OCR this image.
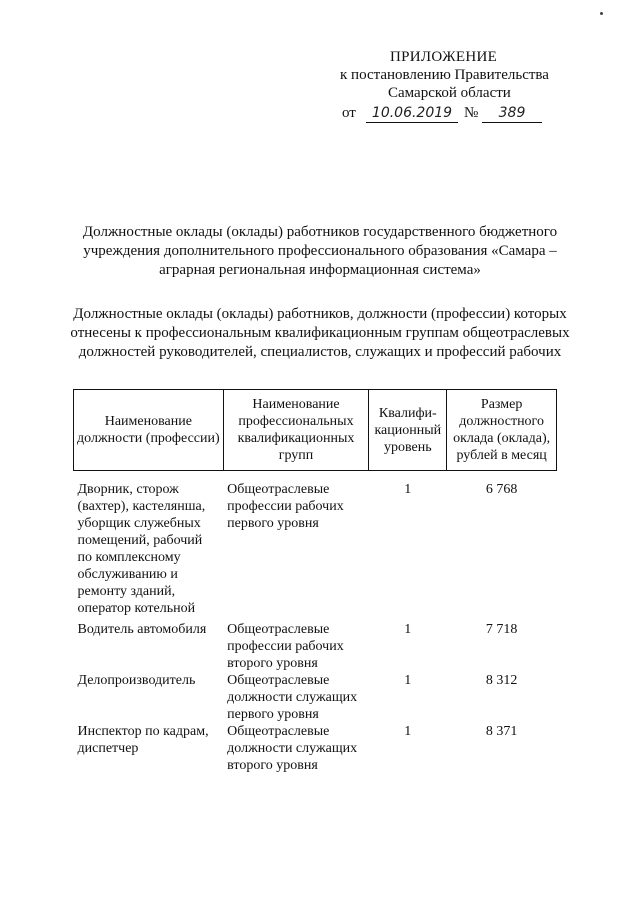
ПРИЛОЖЕНИЕ
к постановлению Правительства
Самарской области
от	10.06.2019 №	389
Должностные оклады (оклады) работников государственного бюджетного учреждения дополнительного профессионального образования «Самара – аграрная региональная информационная система»
Должностные оклады (оклады) работников, должности (профессии) которых отнесены к профессиональным квалификационным группам общеотраслевых должностей руководителей, специалистов, служащих и профессий рабочих
Наименование должности (профессии)	Наименование профессиональных квалификационных групп	Квалифи-кационный уровень	Размер должностного оклада (оклада), рублей в месяц
Дворник, сторож (вахтер), кастелянша, уборщик служебных помещений, рабочий по комплексному обслуживанию и ремонту зданий, оператор котельной	Общеотраслевые профессии рабочих первого уровня	1	6 768
Водитель автомобиля	Общеотраслевые профессии рабочих второго уровня	1	7 718
Делопроизводитель	Общеотраслевые должности служащих первого уровня	1	8 312
Инспектор по кадрам, диспетчер	Общеотраслевые должности служащих второго уровня	1	8 371
